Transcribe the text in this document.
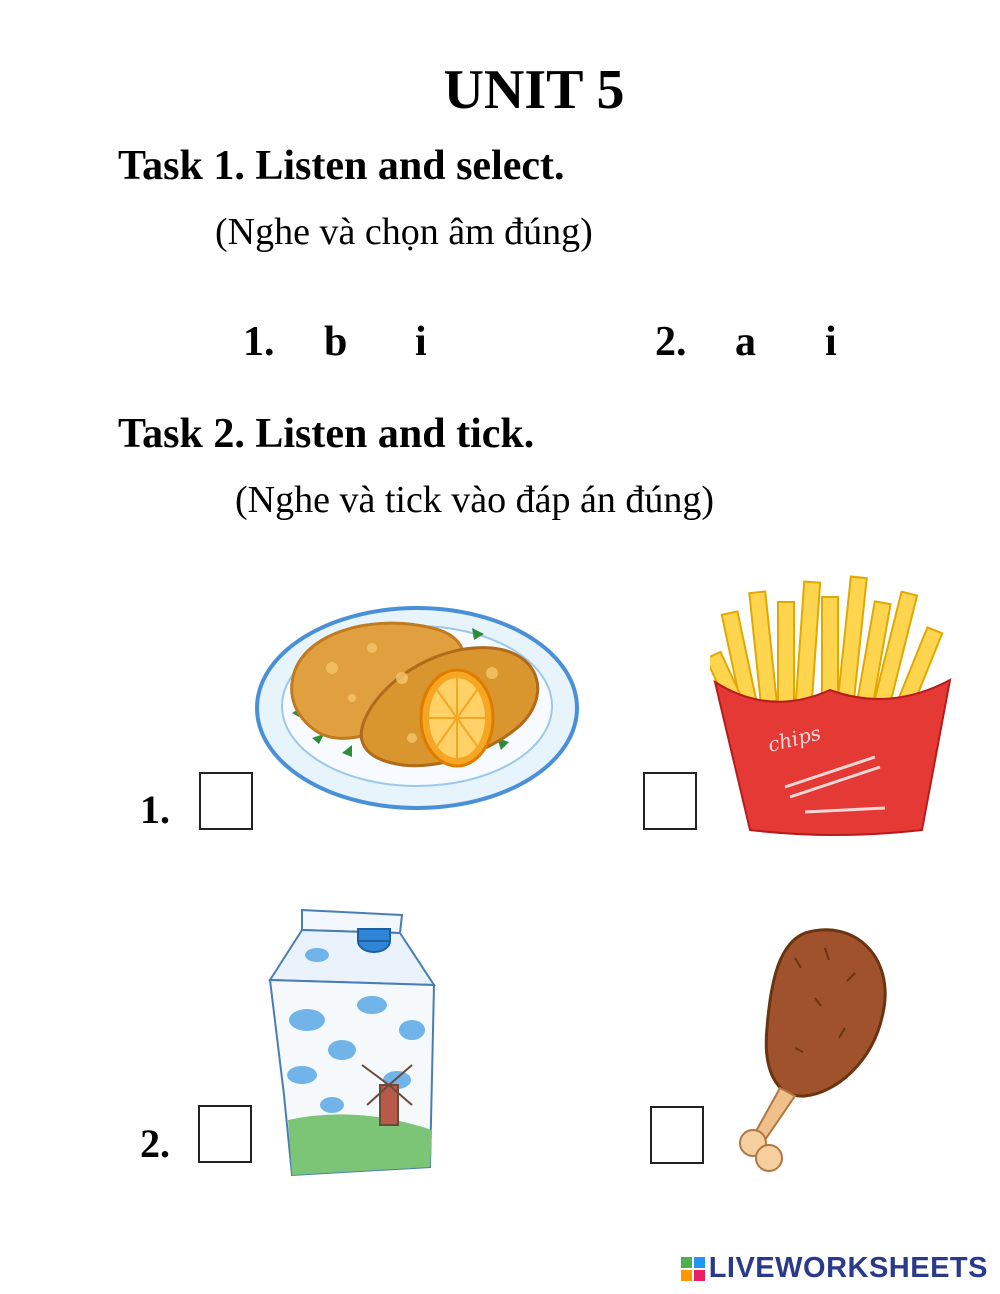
UNIT 5
Task 1. Listen and select.
(Nghe và chọn âm đúng)
1. b i	2. a i
Task 2. Listen and tick.
(Nghe và tick vào đáp án đúng)
1.
chips
2.
LIVEWORKSHEETS
